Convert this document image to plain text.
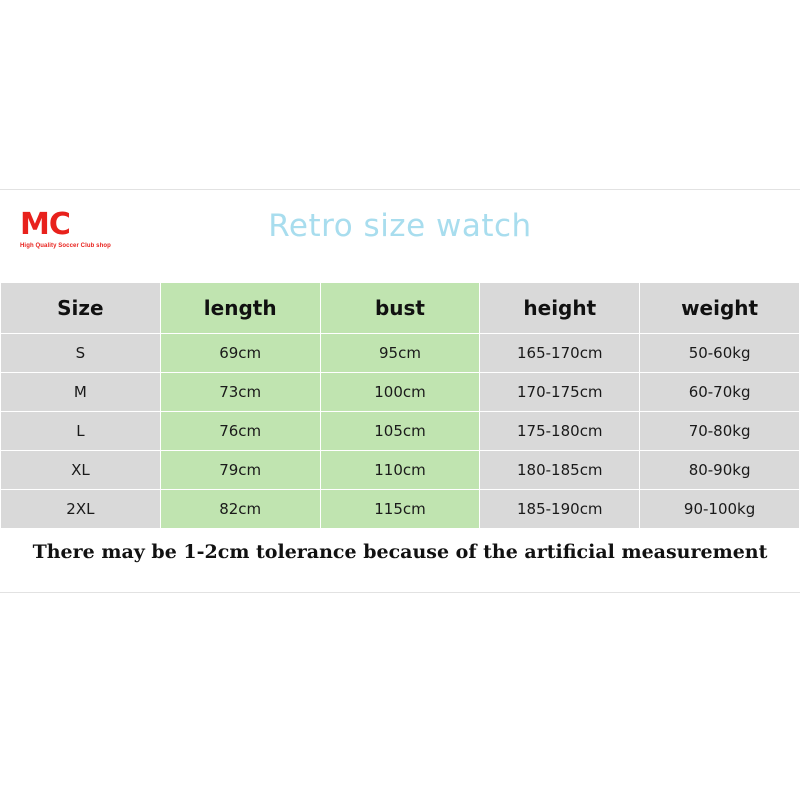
MC
High Quality Soccer Club shop
Retro size watch
Size	length	bust	height	weight
S	69cm	95cm	165-170cm	50-60kg
M	73cm	100cm	170-175cm	60-70kg
L	76cm	105cm	175-180cm	70-80kg
XL	79cm	110cm	180-185cm	80-90kg
2XL	82cm	115cm	185-190cm	90-100kg
There may be 1-2cm tolerance because of the artificial measurement
